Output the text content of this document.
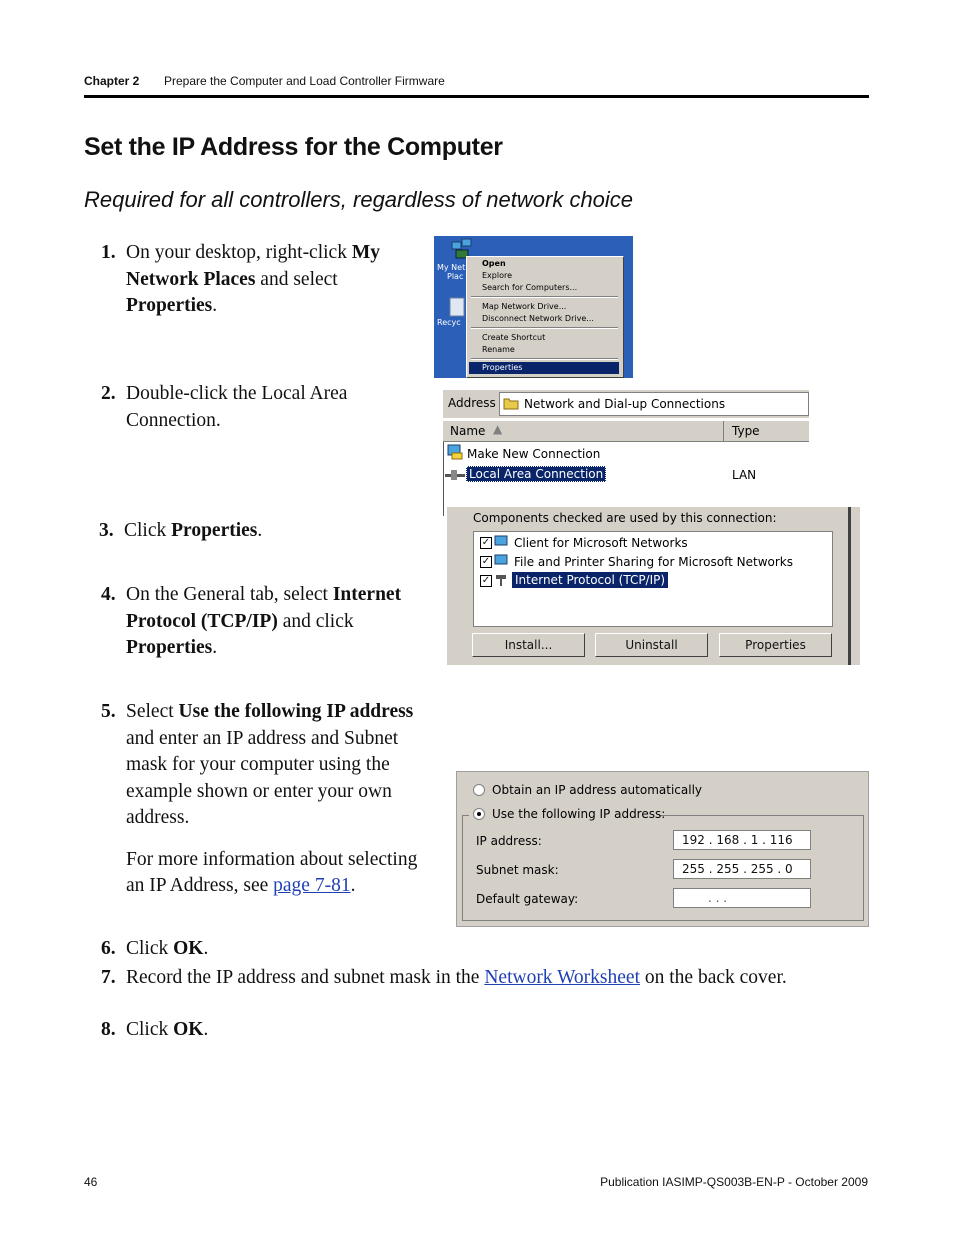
Chapter 2 Prepare the Computer and Load Controller Firmware
Set the IP Address for the Computer
Required for all controllers, regardless of network choice
1. On your desktop, right-click My
Network Places and select
Properties.
2. Double-click the Local Area
Connection.
3. Click Properties.
4. On the General tab, select Internet
Protocol (TCP/IP) and click
Properties.
5. Select Use the following IP address
and enter an IP address and Subnet
mask for your computer using the
example shown or enter your own
address.
For more information about selecting
an IP Address, see page 7-81.
6. Click OK.
7. Record the IP address and subnet mask in the Network Worksheet on the back cover.
8. Click OK.
My Net
Plac
Recyc
Open
Explore
Search for Computers...
Map Network Drive...
Disconnect Network Drive...
Create Shortcut
Rename
Properties
Address Network and Dial-up Connections
Name ▲	Type
Make New Connection
Local Area Connection	LAN
Components checked are used by this connection:
✓ Client for Microsoft Networks
✓ File and Printer Sharing for Microsoft Networks
✓ Internet Protocol (TCP/IP)
Install...	Uninstall	Properties
Obtain an IP address automatically
Use the following IP address:
IP address:	192 . 168 . 1 . 116
Subnet mask:	255 . 255 . 255 . 0
Default gateway:	. . .
46	Publication IASIMP-QS003B-EN-P - October 2009
